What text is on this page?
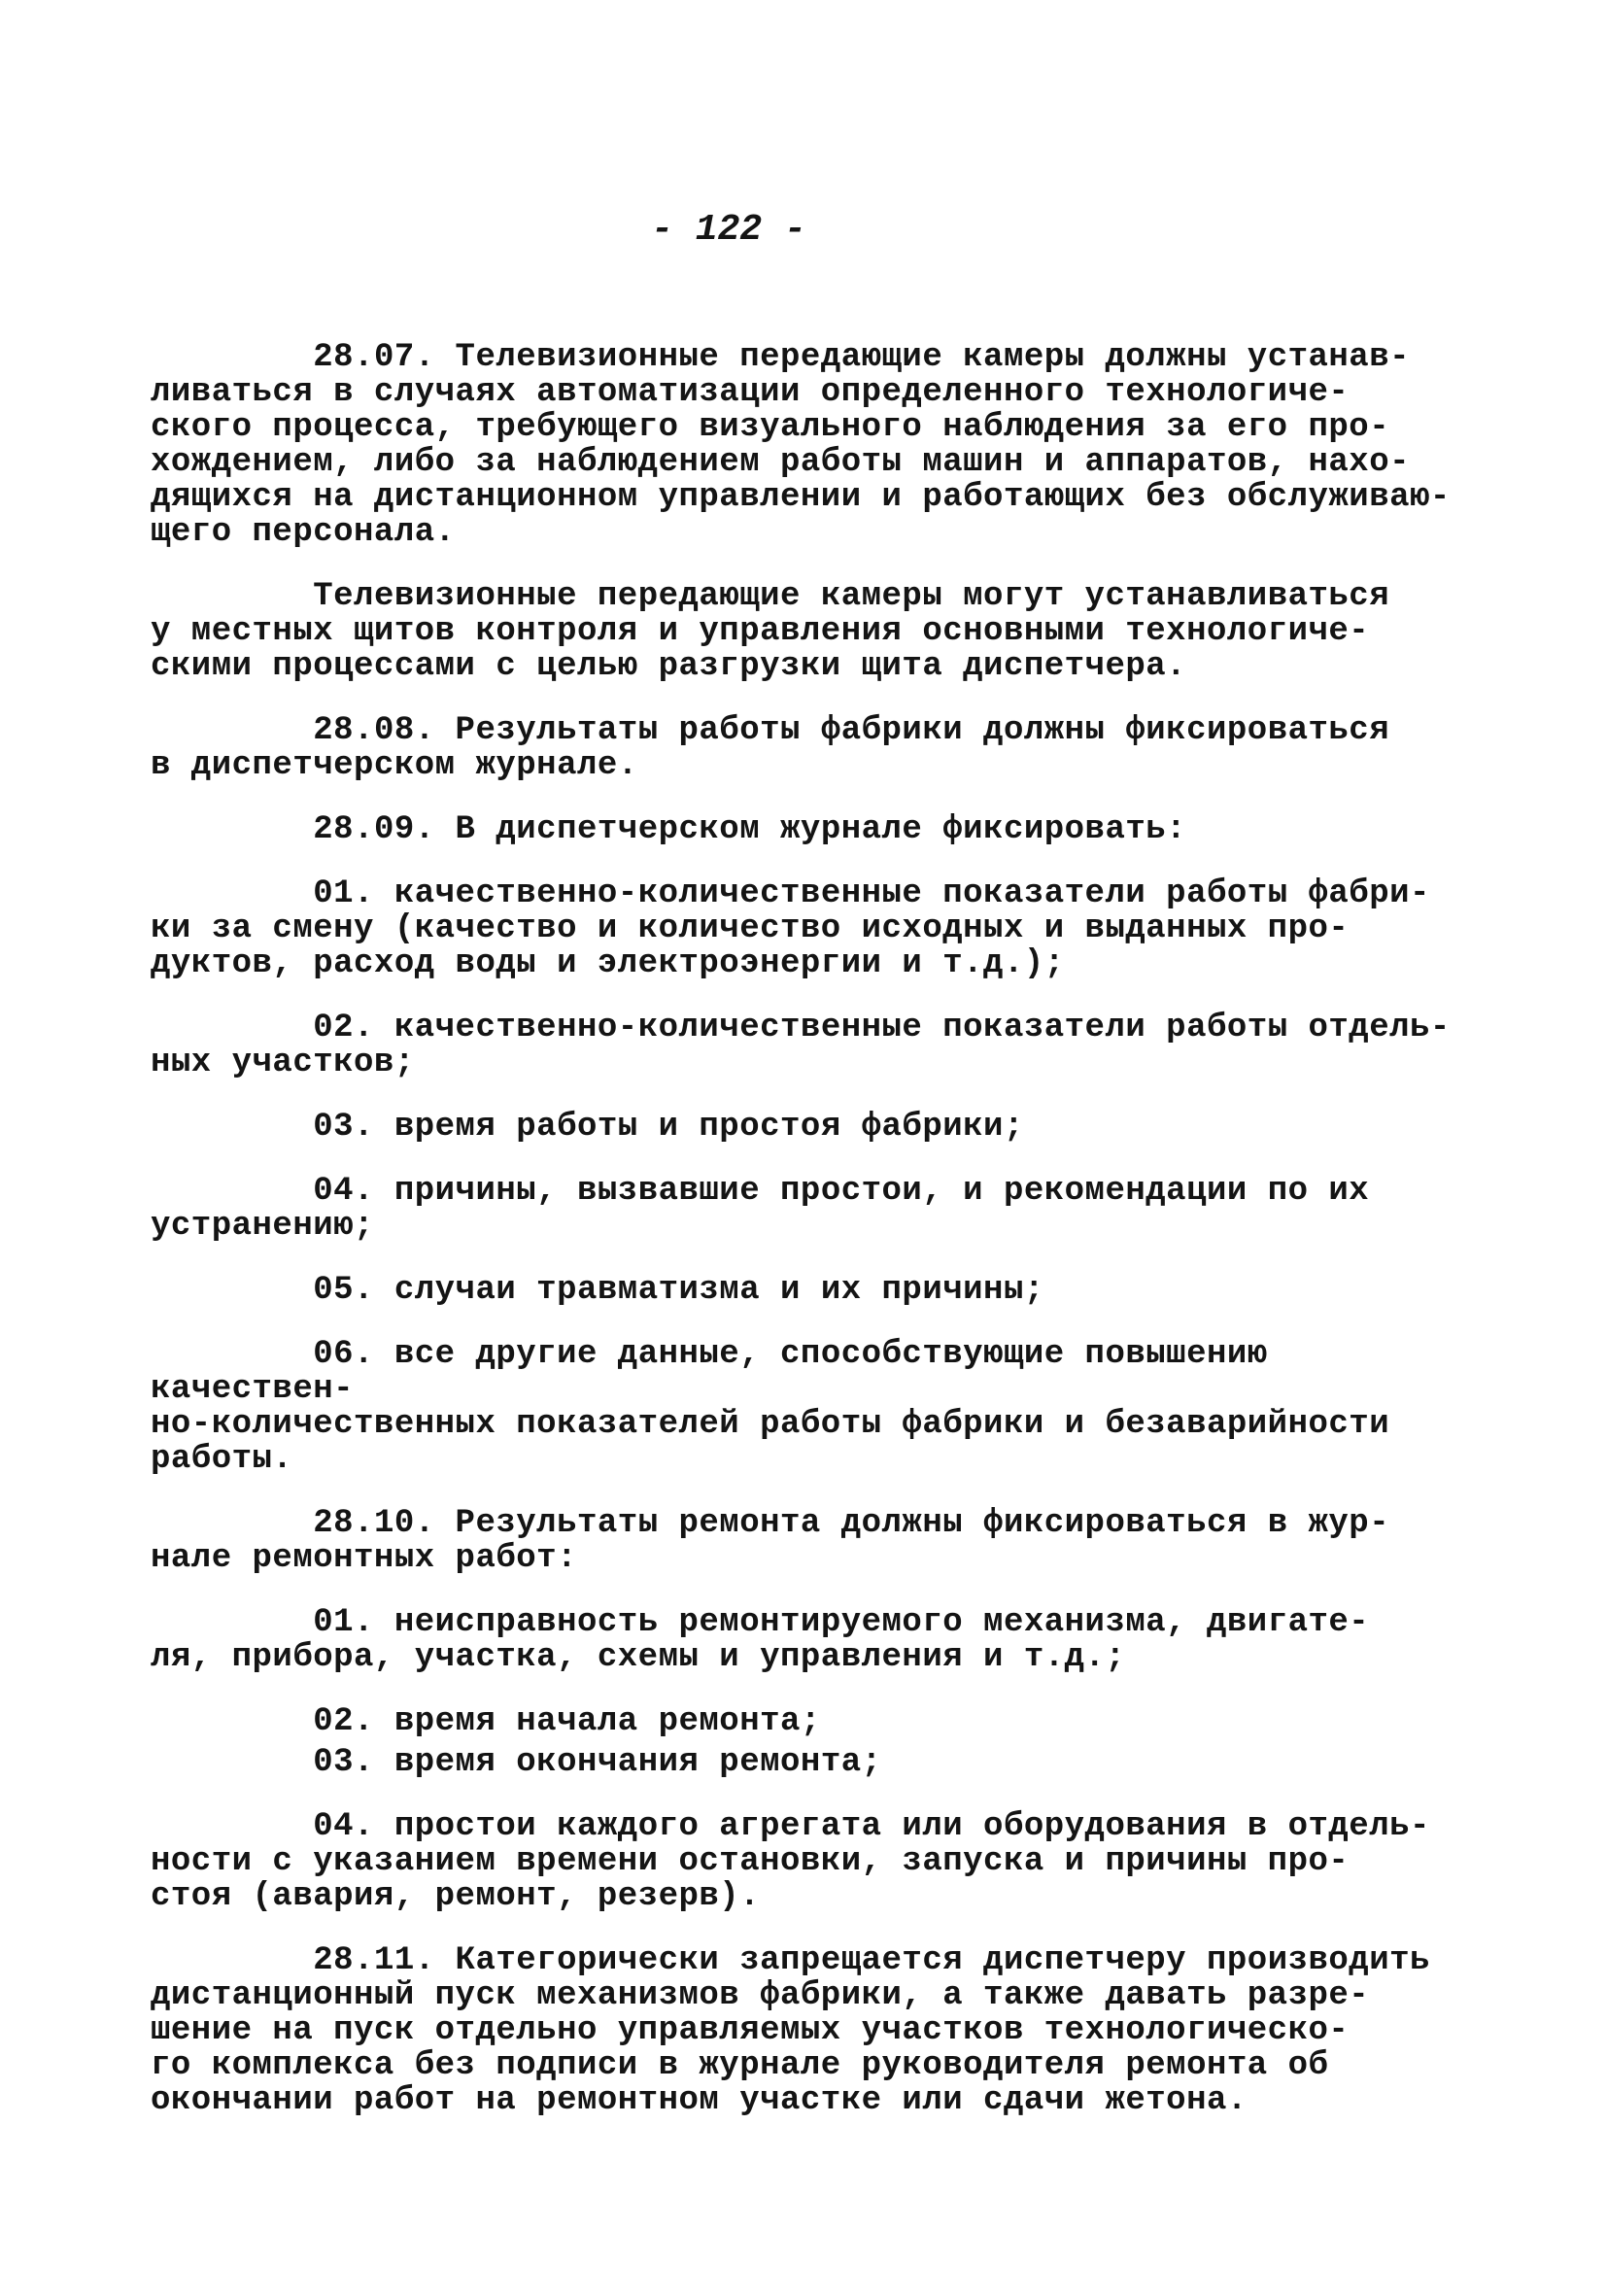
- 122 -

28.07. Телевизионные передающие камеры должны устанав-
ливаться в случаях автоматизации определенного технологиче-
ского процесса, требующего визуального наблюдения за его про-
хождением, либо за наблюдением работы машин и аппаратов, нахо-
дящихся на дистанционном управлении и работающих без обслуживаю-
щего персонала.

Телевизионные передающие камеры могут устанавливаться
у местных щитов контроля и управления основными технологиче-
скими процессами с целью разгрузки щита диспетчера.

28.08. Результаты работы фабрики должны фиксироваться
в диспетчерском журнале.

28.09. В диспетчерском журнале фиксировать:

01. качественно-количественные показатели работы фабри-
ки за смену (качество и количество исходных и выданных про-
дуктов, расход воды и электроэнергии и т.д.);

02. качественно-количественные показатели работы отдель-
ных участков;

03. время работы и простоя фабрики;

04. причины, вызвавшие простои, и рекомендации по их
устранению;

05. случаи травматизма и их причины;

06. все другие данные, способствующие повышению качествен-
но-количественных показателей работы фабрики и безаварийности
работы.

28.10. Результаты ремонта должны фиксироваться в жур-
нале ремонтных работ:

01. неисправность ремонтируемого механизма, двигате-
ля, прибора, участка, схемы и управления и т.д.;

02. время начала ремонта;

03. время окончания ремонта;

04. простои каждого агрегата или оборудования в отдель-
ности с указанием времени остановки, запуска и причины про-
стоя (авария, ремонт, резерв).

28.11. Категорически запрещается диспетчеру производить
дистанционный пуск механизмов фабрики, а также давать разре-
шение на пуск отдельно управляемых участков технологическо-
го комплекса без подписи в журнале руководителя ремонта об
окончании работ на ремонтном участке или сдачи жетона.
